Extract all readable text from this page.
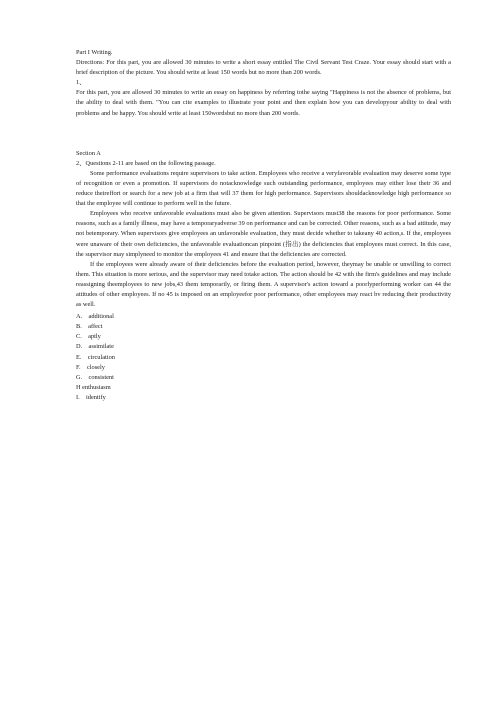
Part I Writing.

Directions: For this part, you are allowed 30 minutes to write a short essay entitled The Civil Servant Test Craze. Your essay should start with a brief description of the picture. You should write at least 150 words but no more than 200 words.

1、

For this part, you are allowed 30 minutes to write an essay on happiness by referring tothe saying "Happiness is not the absence of problems, but the ability to deal with them. "You can cite examples to illustrate your point and then explain how you can developyour ability to deal with problems and be happy. You should write at least 150wordsbut no more than 200 words.

Section A

2、Questions 2-11 are based on the following passage.

Some performance evaluations require supervisors to take action. Employees who receive a veryfavorable evaluation may deserve some type of recognition or even a promotion. If supervisors do notacknowledge such outstanding performance, employees may either lose their 36 and reduce theireffort or search for a new job at a firm that will 37 them for high performance. Supervisors shouldacknowledge high performance so that the employee will continue to perform well in the future.

Employees who receive unfavorable evaluations must also be given attention. Supervisors must38 the reasons for poor performance. Some reasons, such as a family illness, may have a temporaryadverse 39 on performance and can be corrected. Other reasons, such as a bad attitude, may not betemporary. When supervisors give employees an unfavorable evaluation, they must decide whether to takeany 40 action,s. If the, employees were unaware of their own deficiencies, the unfavorable evaluationcan pinpoint (指出) the deficiencies that employees must correct. In this case, the supervisor may simplyneed to monitor the employees 41 and ensure that the deficiencies are corrected.

If the employees were already aware of their deficiencies before the evaluation period, however, theymay be unable or unwilling to correct them. This situation is more serious, and the supervisor may need totake action. The action should be 42 with the firm's guidelines and may include reassigning theemployees to new jobs,43 them temporarily, or firing them. A supervisor's action toward a poorlyperforming worker can 44 the attitudes of other employees. If no 45 is imposed on an employeefor poor performance, other employees may react bv reducing their productivity as well.

A.　additional

B.　affect

C.　aptly

D.　assimilate

E.　circulation

F.　closely

G.　consistent

H enthusiasm

I.　identify
